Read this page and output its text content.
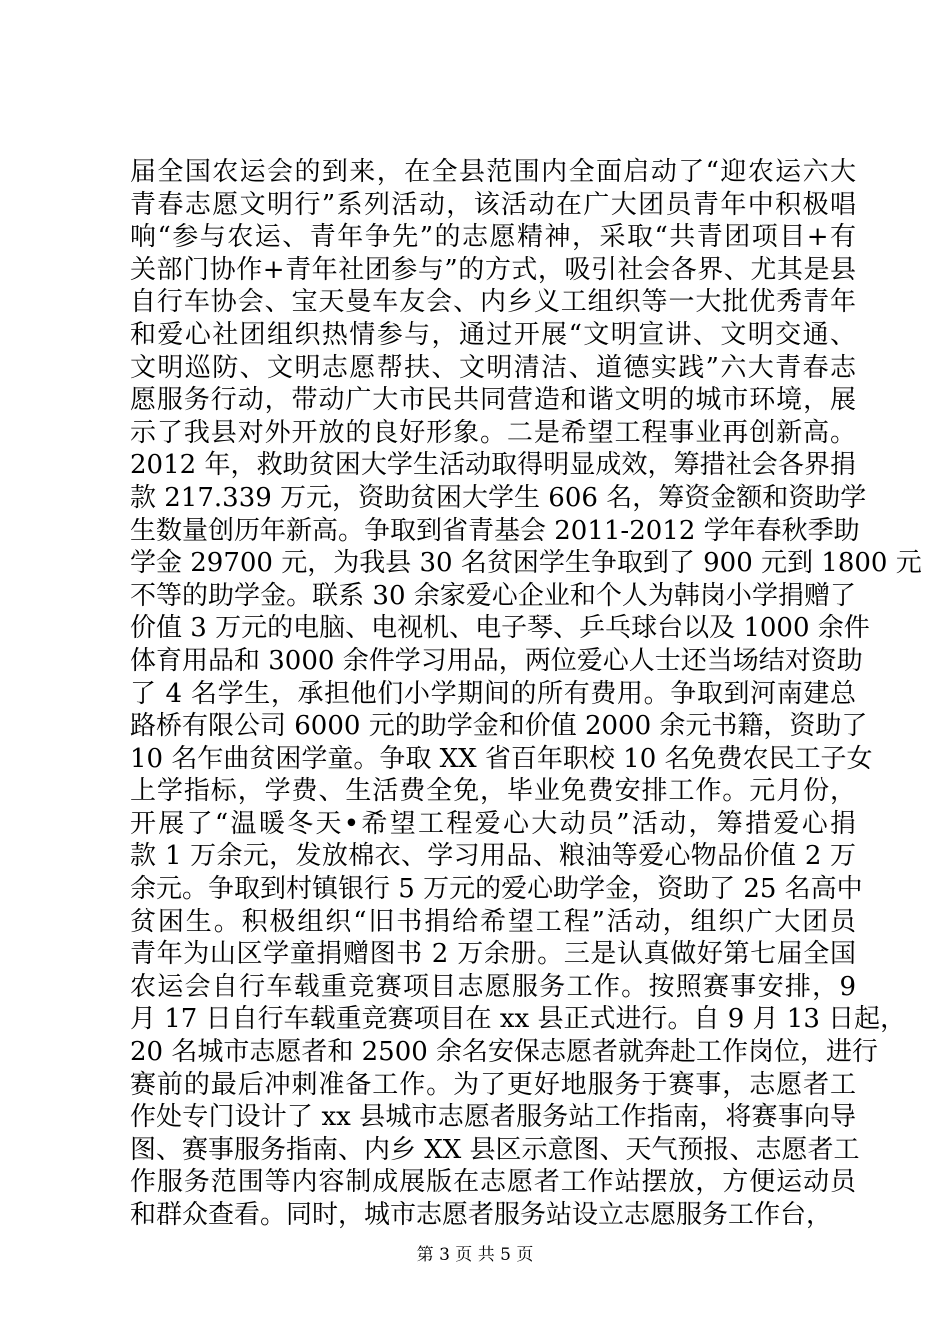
届全国农运会的到来，在全县范围内全面启动了“迎农运六大
青春志愿文明行”系列活动，该活动在广大团员青年中积极唱
响“参与农运、青年争先”的志愿精神，采取“共青团项目+有
关部门协作+青年社团参与”的方式，吸引社会各界、尤其是县
自行车协会、宝天曼车友会、内乡义工组织等一大批优秀青年
和爱心社团组织热情参与，通过开展“文明宣讲、文明交通、
文明巡防、文明志愿帮扶、文明清洁、道德实践”六大青春志
愿服务行动，带动广大市民共同营造和谐文明的城市环境，展
示了我县对外开放的良好形象。二是希望工程事业再创新高。
2012 年，救助贫困大学生活动取得明显成效，筹措社会各界捐
款 217.339 万元，资助贫困大学生 606 名，筹资金额和资助学
生数量创历年新高。争取到省青基会 2011-2012 学年春秋季助
学金 29700 元，为我县 30 名贫困学生争取到了 900 元到 1800 元
不等的助学金。联系 30 余家爱心企业和个人为韩岗小学捐赠了
价值 3 万元的电脑、电视机、电子琴、乒乓球台以及 1000 余件
体育用品和 3000 余件学习用品，两位爱心人士还当场结对资助
了 4 名学生，承担他们小学期间的所有费用。争取到河南建总
路桥有限公司 6000 元的助学金和价值 2000 余元书籍，资助了
10 名乍曲贫困学童。争取 XX 省百年职校 10 名免费农民工子女
上学指标，学费、生活费全免，毕业免费安排工作。元月份，
开展了“温暖冬天•希望工程爱心大动员”活动，筹措爱心捐
款 1 万余元，发放棉衣、学习用品、粮油等爱心物品价值 2 万
余元。争取到村镇银行 5 万元的爱心助学金，资助了 25 名高中
贫困生。积极组织“旧书捐给希望工程”活动，组织广大团员
青年为山区学童捐赠图书 2 万余册。三是认真做好第七届全国
农运会自行车载重竞赛项目志愿服务工作。按照赛事安排，9
月 17 日自行车载重竞赛项目在 xx 县正式进行。自 9 月 13 日起，
20 名城市志愿者和 2500 余名安保志愿者就奔赴工作岗位，进行
赛前的最后冲刺准备工作。为了更好地服务于赛事，志愿者工
作处专门设计了 xx 县城市志愿者服务站工作指南，将赛事向导
图、赛事服务指南、内乡 XX 县区示意图、天气预报、志愿者工
作服务范围等内容制成展版在志愿者工作站摆放，方便运动员
和群众查看。同时，城市志愿者服务站设立志愿服务工作台，
第 3 页 共 5 页
